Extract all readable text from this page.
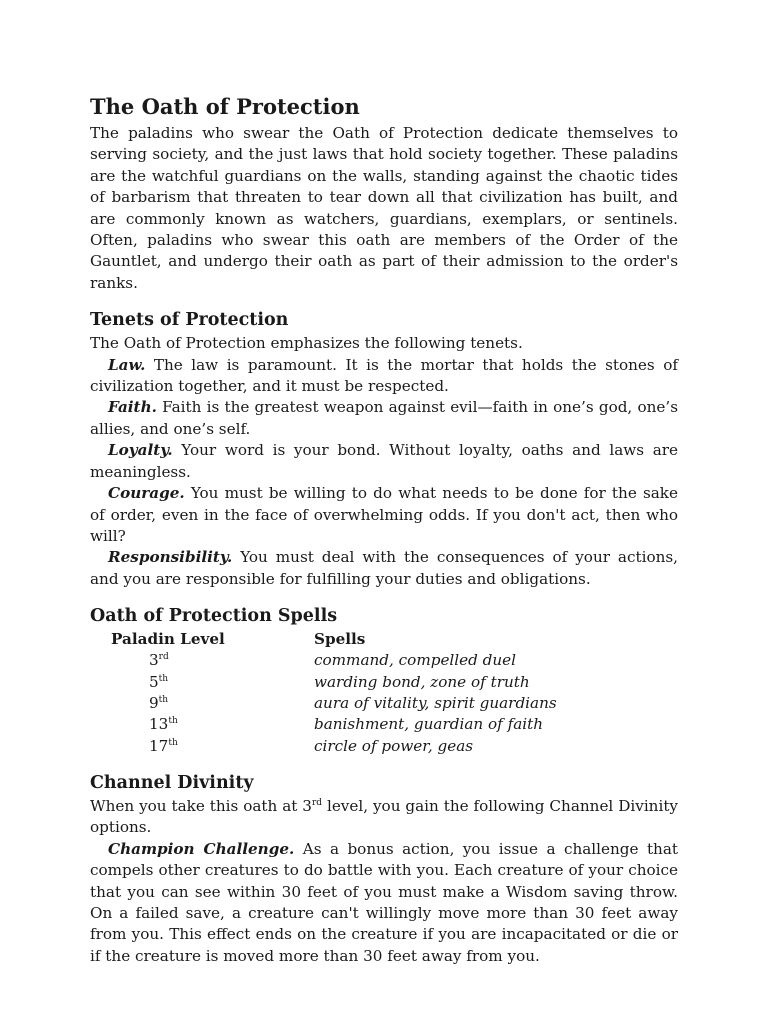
The Oath of Protection

The paladins who swear the Oath of Protection dedicate themselves to serving society, and the just laws that hold society together. These paladins are the watchful guardians on the walls, standing against the chaotic tides of barbarism that threaten to tear down all that civilization has built, and are commonly known as watchers, guardians, exemplars, or sentinels. Often, paladins who swear this oath are members of the Order of the Gauntlet, and undergo their oath as part of their admission to the order's ranks.

Tenets of Protection

The Oath of Protection emphasizes the following tenets.

Law. The law is paramount. It is the mortar that holds the stones of civilization together, and it must be respected.

Faith. Faith is the greatest weapon against evil—faith in one’s god, one’s allies, and one’s self.

Loyalty. Your word is your bond. Without loyalty, oaths and laws are meaningless.

Courage. You must be willing to do what needs to be done for the sake of order, even in the face of overwhelming odds. If you don't act, then who will?

Responsibility. You must deal with the consequences of your actions, and you are responsible for fulfilling your duties and obligations.

Oath of Protection Spells
Paladin Level	Spells
3rd	command, compelled duel
5th	warding bond, zone of truth
9th	aura of vitality, spirit guardians
13th	banishment, guardian of faith
17th	circle of power, geas
Channel Divinity

When you take this oath at 3rd level, you gain the following Channel Divinity options.

Champion Challenge. As a bonus action, you issue a challenge that compels other creatures to do battle with you. Each creature of your choice that you can see within 30 feet of you must make a Wisdom saving throw. On a failed save, a creature can't willingly move more than 30 feet away from you. This effect ends on the creature if you are incapacitated or die or if the creature is moved more than 30 feet away from you.
